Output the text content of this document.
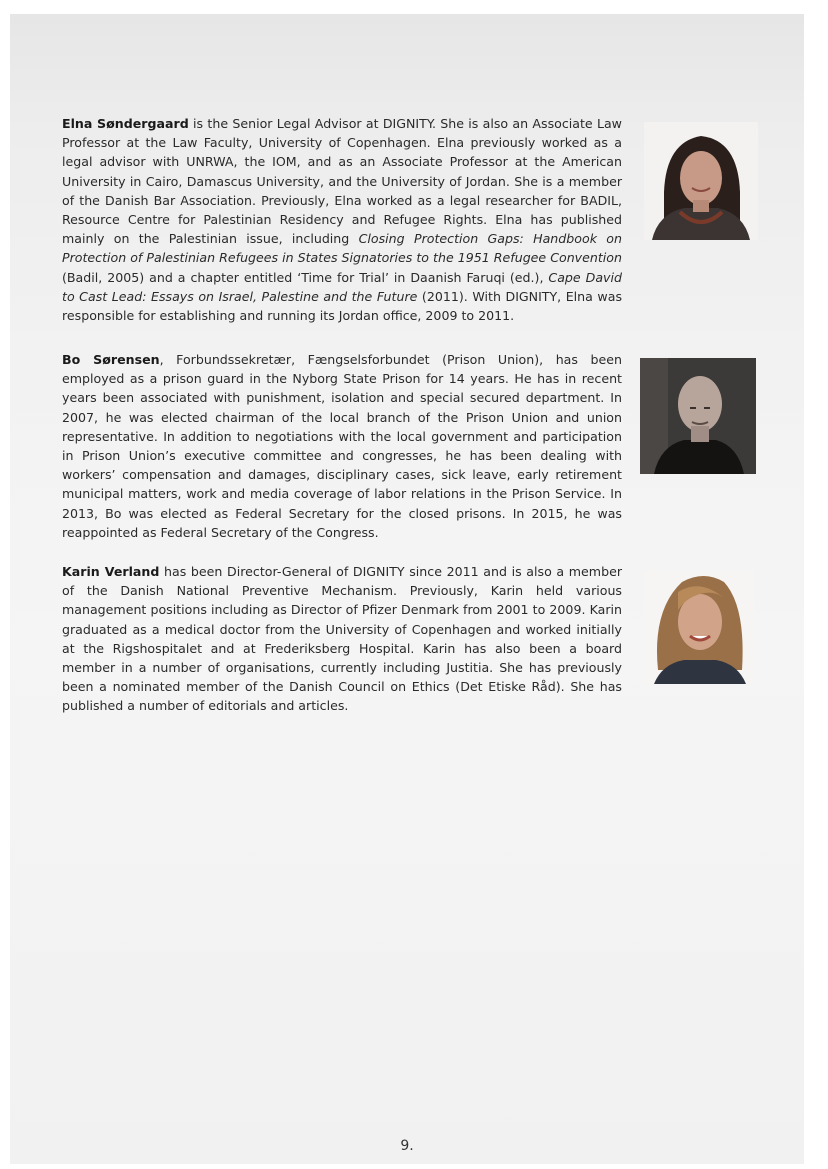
Elna Søndergaard is the Senior Legal Advisor at DIGNITY. She is also an Associate Law Professor at the Law Faculty, University of Copenhagen. Elna previously worked as a legal advisor with UNRWA, the IOM, and as an Associate Professor at the American University in Cairo, Damascus University, and the University of Jordan. She is a member of the Danish Bar Association. Previously, Elna worked as a legal researcher for BADIL, Resource Centre for Palestinian Residency and Refugee Rights. Elna has published mainly on the Palestinian issue, including Closing Protection Gaps: Handbook on Protection of Palestinian Refugees in States Signatories to the 1951 Refugee Convention (Badil, 2005) and a chapter entitled ‘Time for Trial’ in Daanish Faruqi (ed.), Cape David to Cast Lead: Essays on Israel, Palestine and the Future (2011). With DIGNITY, Elna was responsible for establishing and running its Jordan office, 2009 to 2011.

Bo Sørensen, Forbundssekretær, Fængselsforbundet (Prison Union), has been employed as a prison guard in the Nyborg State Prison for 14 years. He has in recent years been associated with punishment, isolation and special secured department. In 2007, he was elected chairman of the local branch of the Prison Union and union representative. In addition to negotiations with the local government and participation in Prison Union’s executive committee and congresses, he has been dealing with workers’ compensation and damages, disciplinary cases, sick leave, early retirement municipal matters, work and media coverage of labor relations in the Prison Service. In 2013, Bo was elected as Federal Secretary for the closed prisons. In 2015, he was reappointed as Federal Secretary of the Congress.

Karin Verland has been Director-General of DIGNITY since 2011 and is also a member of the Danish National Preventive Mechanism. Previously, Karin held various management positions including as Director of Pfizer Denmark from 2001 to 2009. Karin graduated as a medical doctor from the University of Copenhagen and worked initially at the Rigshospitalet and at Frederiksberg Hospital. Karin has also been a board member in a number of organisations, currently including Justitia. She has previously been a nominated member of the Danish Council on Ethics (Det Etiske Råd). She has published a number of editorials and articles.

9.
